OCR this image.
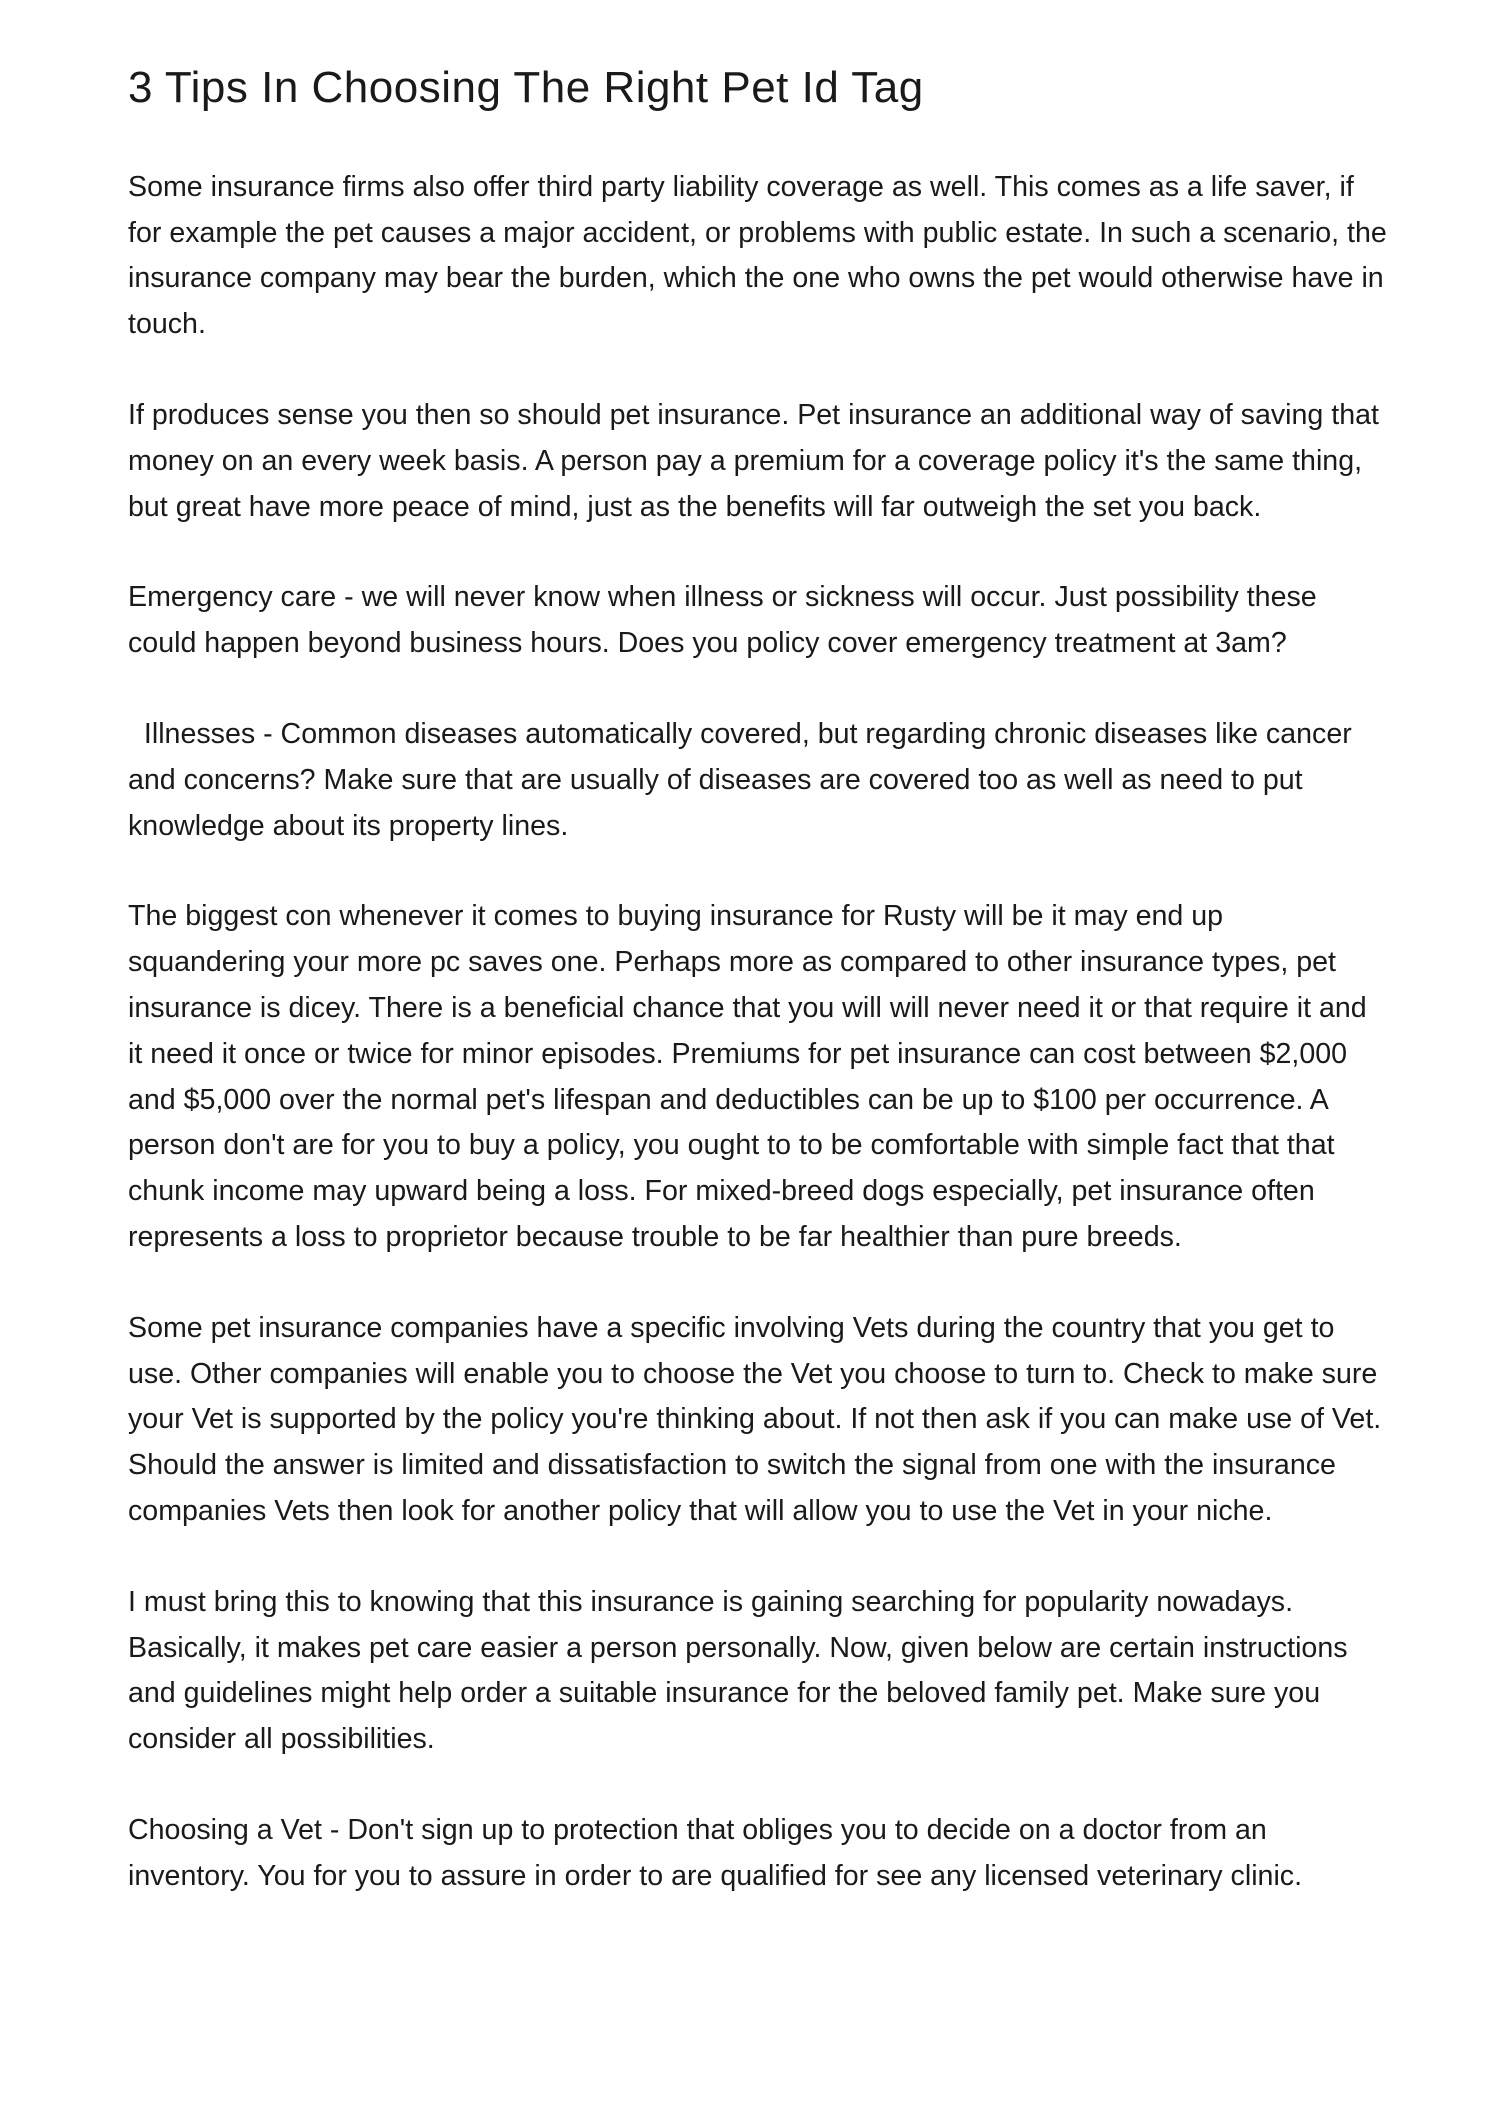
3 Tips In Choosing The Right Pet Id Tag

Some insurance firms also offer third party liability coverage as well. This comes as a life saver, if for example the pet causes a major accident, or problems with public estate. In such a scenario, the insurance company may bear the burden, which the one who owns the pet would otherwise have in touch.

If produces sense you then so should pet insurance. Pet insurance an additional way of saving that money on an every week basis. A person pay a premium for a coverage policy it's the same thing, but great have more peace of mind, just as the benefits will far outweigh the set you back.

Emergency care - we will never know when illness or sickness will occur. Just possibility these could happen beyond business hours. Does you policy cover emergency treatment at 3am?

Illnesses - Common diseases automatically covered, but regarding chronic diseases like cancer and concerns? Make sure that are usually of diseases are covered too as well as need to put knowledge about its property lines.

The biggest con whenever it comes to buying insurance for Rusty will be it may end up squandering your more pc saves one. Perhaps more as compared to other insurance types, pet insurance is dicey. There is a beneficial chance that you will will never need it or that require it and it need it once or twice for minor episodes. Premiums for pet insurance can cost between $2,000 and $5,000 over the normal pet's lifespan and deductibles can be up to $100 per occurrence. A person don't are for you to buy a policy, you ought to to be comfortable with simple fact that that chunk income may upward being a loss. For mixed-breed dogs especially, pet insurance often represents a loss to proprietor because trouble to be far healthier than pure breeds.

Some pet insurance companies have a specific involving Vets during the country that you get to use. Other companies will enable you to choose the Vet you choose to turn to. Check to make sure your Vet is supported by the policy you're thinking about. If not then ask if you can make use of Vet. Should the answer is limited and dissatisfaction to switch the signal from one with the insurance companies Vets then look for another policy that will allow you to use the Vet in your niche.

I must bring this to knowing that this insurance is gaining searching for popularity nowadays. Basically, it makes pet care easier a person personally. Now, given below are certain instructions and guidelines might help order a suitable insurance for the beloved family pet. Make sure you consider all possibilities.

Choosing a Vet - Don't sign up to protection that obliges you to decide on a doctor from an inventory. You for you to assure in order to are qualified for see any licensed veterinary clinic.
